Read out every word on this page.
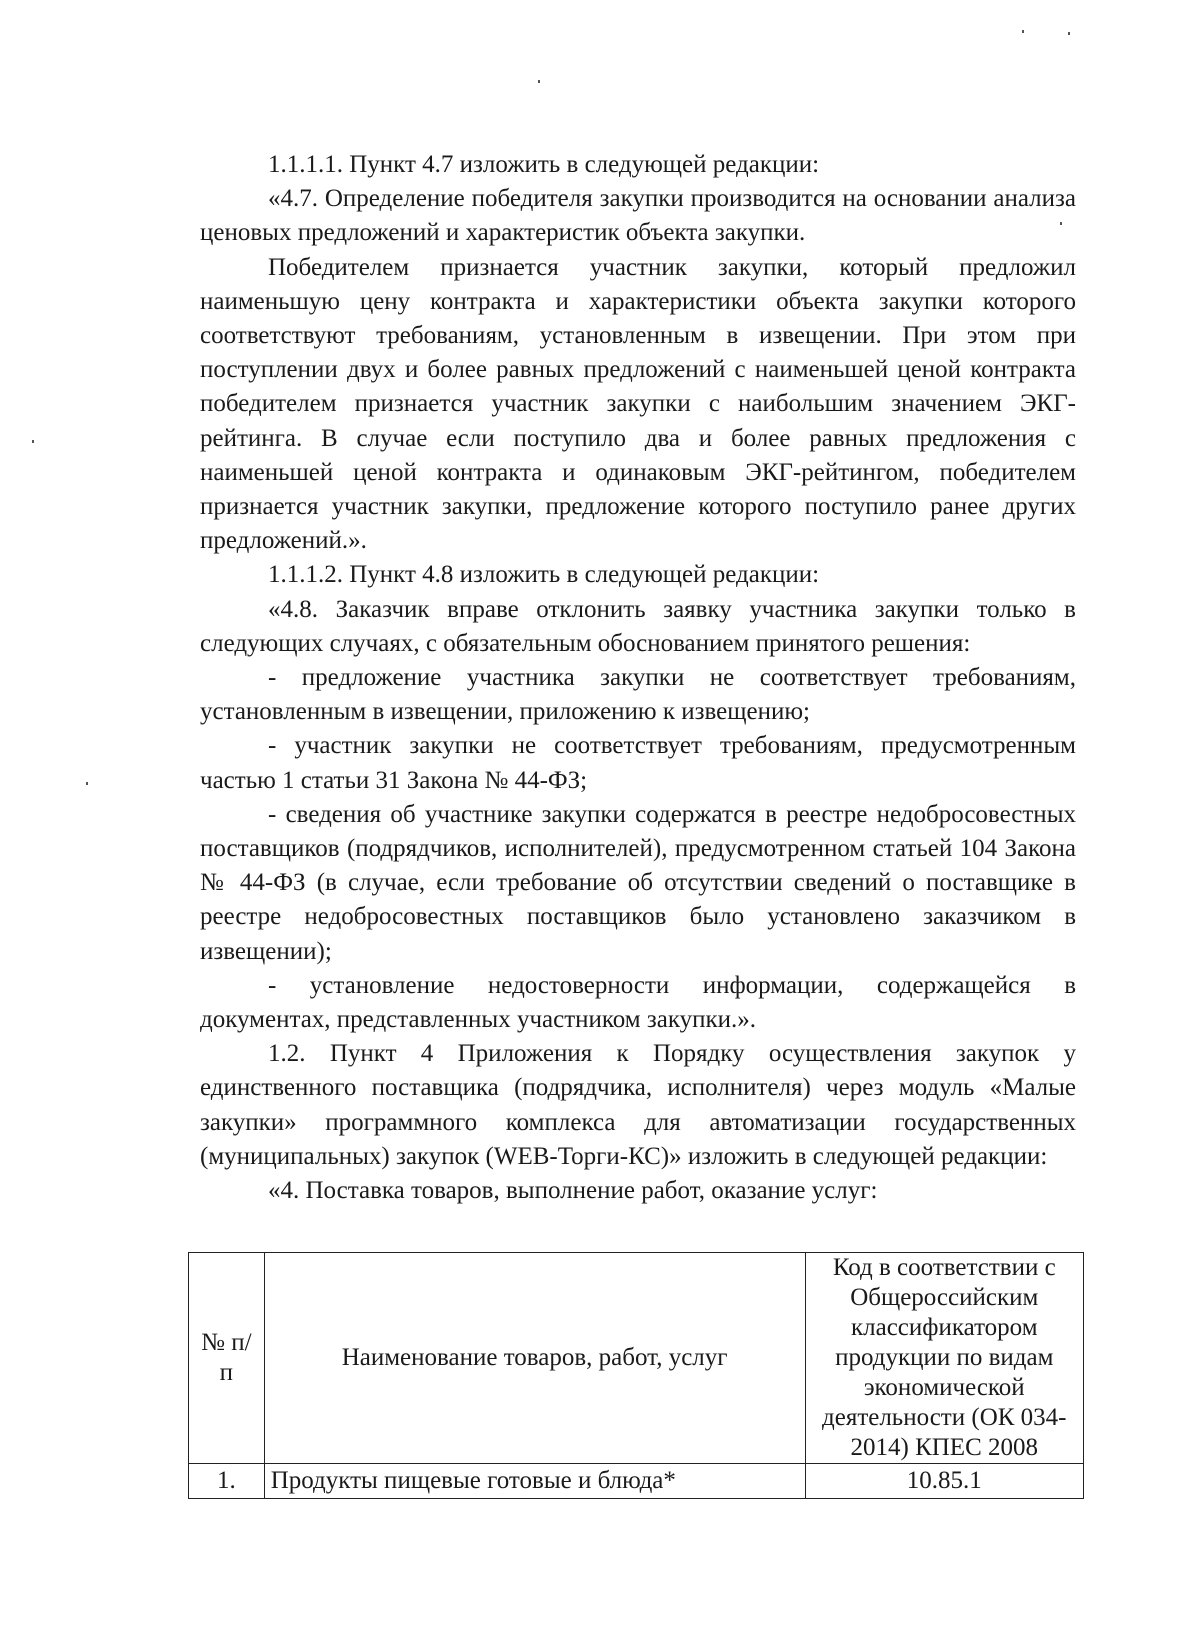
1.1.1.1. Пункт 4.7 изложить в следующей редакции:

«4.7. Определение победителя закупки производится на основании анализа ценовых предложений и характеристик объекта закупки.

Победителем признается участник закупки, который предложил наименьшую цену контракта и характеристики объекта закупки которого соответствуют требованиям, установленным в извещении. При этом при поступлении двух и более равных предложений с наименьшей ценой контракта победителем признается участник закупки с наибольшим значением ЭКГ-рейтинга. В случае если поступило два и более равных предложения с наименьшей ценой контракта и одинаковым ЭКГ-рейтингом, победителем признается участник закупки, предложение которого поступило ранее других предложений.».

1.1.1.2. Пункт 4.8 изложить в следующей редакции:

«4.8. Заказчик вправе отклонить заявку участника закупки только в следующих случаях, с обязательным обоснованием принятого решения:

- предложение участника закупки не соответствует требованиям, установленным в извещении, приложению к извещению;

- участник закупки не соответствует требованиям, предусмотренным частью 1 статьи 31 Закона № 44-ФЗ;

- сведения об участнике закупки содержатся в реестре недобросовестных поставщиков (подрядчиков, исполнителей), предусмотренном статьей 104 Закона № 44-ФЗ (в случае, если требование об отсутствии сведений о поставщике в реестре недобросовестных поставщиков было установлено заказчиком в извещении);

- установление недостоверности информации, содержащейся в документах, представленных участником закупки.».

1.2. Пункт 4 Приложения к Порядку осуществления закупок у единственного поставщика (подрядчика, исполнителя) через модуль «Малые закупки» программного комплекса для автоматизации государственных (муниципальных) закупок (WEB-Торги-КС)» изложить в следующей редакции:

«4. Поставка товаров, выполнение работ, оказание услуг:

№ п/п	Наименование товаров, работ, услуг	Код в соответствии с Общероссийским классификатором продукции по видам экономической деятельности (ОК 034-2014) КПЕС 2008
1.	Продукты пищевые готовые и блюда*	10.85.1
